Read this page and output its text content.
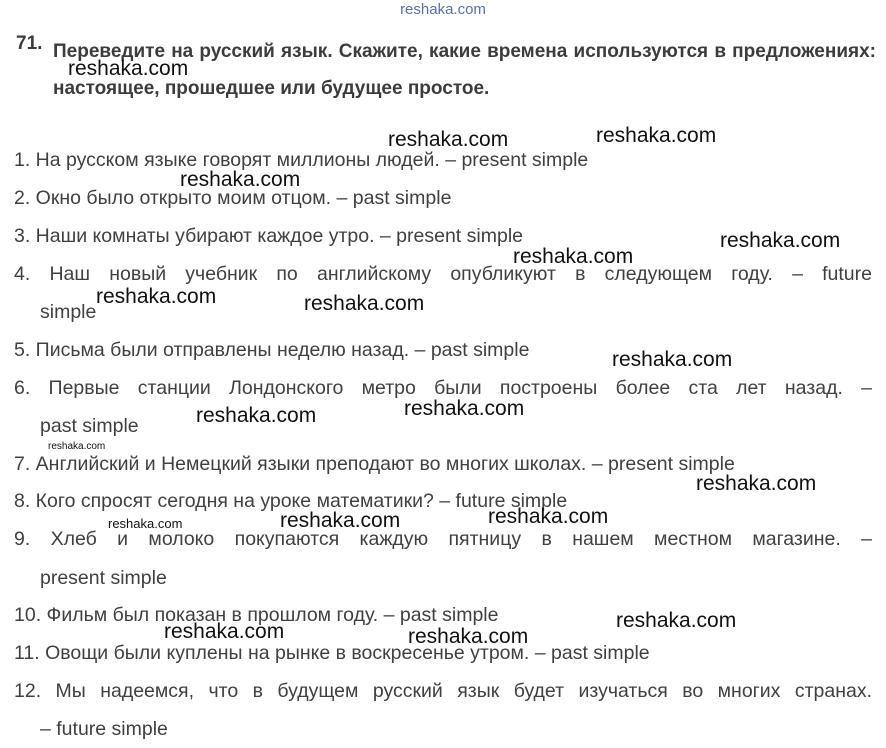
reshaka.com
71. Переведите на русский язык. Скажите, какие времена используются в предложениях: настоящее, прошедшее или будущее простое.
1. На русском языке говорят миллионы людей. – present simple
2. Окно было открыто моим отцом. – past simple
3. Наши комнаты убирают каждое утро. – present simple
4. Наш новый учебник по английскому опубликуют в следующем году. – future
simple
5. Письма были отправлены неделю назад. – past simple
6. Первые станции Лондонского метро были построены более ста лет назад. –
past simple
7. Английский и Немецкий языки преподают во многих школах. – present simple
8. Кого спросят сегодня на уроке математики? – future simple
9. Хлеб и молоко покупаются каждую пятницу в нашем местном магазине. –
present simple
10. Фильм был показан в прошлом году. – past simple
11. Овощи были куплены на рынке в воскресенье утром. – past simple
12. Мы надеемся, что в будущем русский язык будет изучаться во многих странах.
– future simple
reshaka.com
reshaka.com	reshaka.com
reshaka.com
reshaka.com
reshaka.com
reshaka.com	reshaka.com
reshaka.com
reshaka.com
reshaka.com
reshaka.com
reshaka.com
reshaka.com	reshaka.com	reshaka.com
reshaka.com
reshaka.com	reshaka.com
